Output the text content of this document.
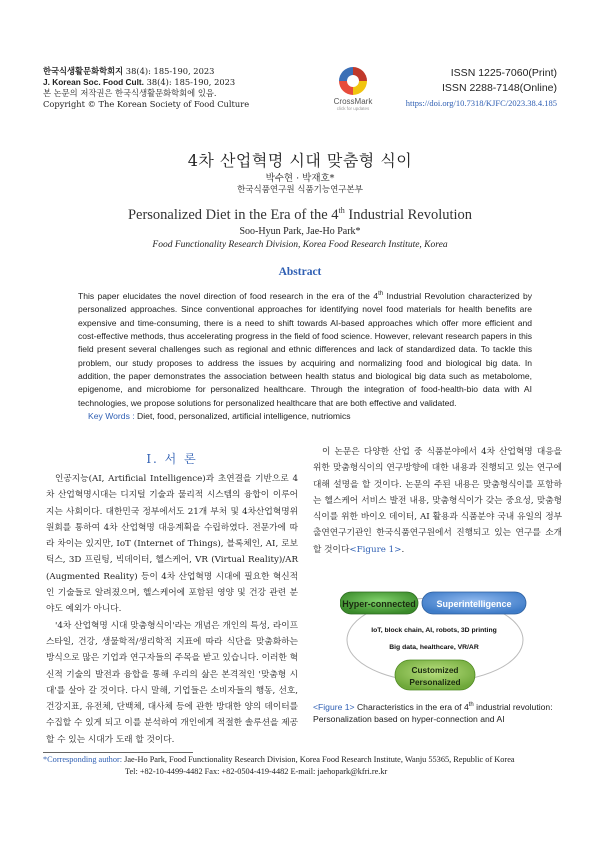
한국식생활문화학회지 38(4): 185-190, 2023
J. Korean Soc. Food Cult. 38(4): 185-190, 2023
본 논문의 저작권은 한국식생활문화학회에 있음.
Copyright © The Korean Society of Food Culture	CrossMark
click for updates
ISSN 1225-7060(Print)
ISSN 2288-7148(Online)
https://doi.org/10.7318/KJFC/2023.38.4.185
4차 산업혁명 시대 맞춤형 식이
박수현 · 박재호*
한국식품연구원 식품기능연구본부
Personalized Diet in the Era of the 4th Industrial Revolution
Soo-Hyun Park, Jae-Ho Park*
Food Functionality Research Division, Korea Food Research Institute, Korea
Abstract
This paper elucidates the novel direction of food research in the era of the 4th Industrial Revolution characterized by personalized approaches. Since conventional approaches for identifying novel food materials for health benefits are expensive and time-consuming, there is a need to shift towards AI-based approaches which offer more efficient and cost-effective methods, thus accelerating progress in the field of food science. However, relevant research papers in this field present several challenges such as regional and ethnic differences and lack of standardized data. To tackle this problem, our study proposes to address the issues by acquiring and normalizing food and biological big data. In addition, the paper demonstrates the association between health status and biological big data such as metabolome, epigenome, and microbiome for personalized healthcare. Through the integration of food-health-bio data with AI technologies, we propose solutions for personalized healthcare that are both effective and validated.
Key Words : Diet, food, personalized, artificial intelligence, nutriomics
I. 서 론

인공지능(AI, Artificial Intelligence)과 초연결을 기반으로 4차 산업혁명시대는 디지털 기술과 물리적 시스템의 융합이 이루어지는 사회이다. 대한민국 정부에서도 21개 부처 및 4차산업혁명위원회를 통하여 4차 산업혁명 대응계획을 수립하였다. 전문가에 따라 차이는 있지만, IoT (Internet of Things), 블록체인, AI, 로보틱스, 3D 프린팅, 빅데이터, 헬스케어, VR (Virtual Reality)/AR (Augmented Reality) 등이 4차 산업혁명 시대에 필요한 혁신적인 기술들로 알려졌으며, 헬스케어에 포함된 영양 및 건강 관련 분야도 예외가 아니다.

'4차 산업혁명 시대 맞춤형식이'라는 개념은 개인의 특성, 라이프스타일, 건강, 생물학적/생리학적 지표에 따라 식단을 맞춤화하는 방식으로 많은 기업과 연구자들의 주목을 받고 있습니다. 이러한 혁신적 기술의 발전과 융합을 통해 우리의 삶은 본격적인 '맞춤형 시대'를 살아 갈 것이다. 다시 말해, 기업들은 소비자들의 행동, 선호, 건강지표, 유전체, 단백체, 대사체 등에 관한 방대한 양의 데이터를 수집할 수 있게 되고 이를 분석하여 개인에게 적절한 솔루션을 제공할 수 있는 시대가 도래 할 것이다.

이 논문은 다양한 산업 중 식품분야에서 4차 산업혁명 대응을 위한 맞춤형식이의 연구방향에 대한 내용과 진행되고 있는 연구에 대해 설명을 할 것이다. 논문의 주된 내용은 맞춤형식이를 포함하는 헬스케어 서비스 발전 내용, 맞춤형식이가 갖는 중요성, 맞춤형식이를 위한 바이오 데이터, AI 활용과 식품분야 국내 유일의 정부출연연구기관인 한국식품연구원에서 진행되고 있는 연구를 소개 할 것이다<Figure 1>.

Hyper-connected Superintelligence
IoT, block chain, AI, robots, 3D printing
Big data, healthcare, VR/AR
Customized
Personalized
<Figure 1> Characteristics in the era of 4th industrial revolution: Personalization based on hyper-connection and AI
*Corresponding author: Jae-Ho Park, Food Functionality Research Division, Korea Food Research Institute, Wanju 55365, Republic of Korea
Tel: +82-10-4499-4482 Fax: +82-0504-419-4482 E-mail: jaehopark@kfri.re.kr
